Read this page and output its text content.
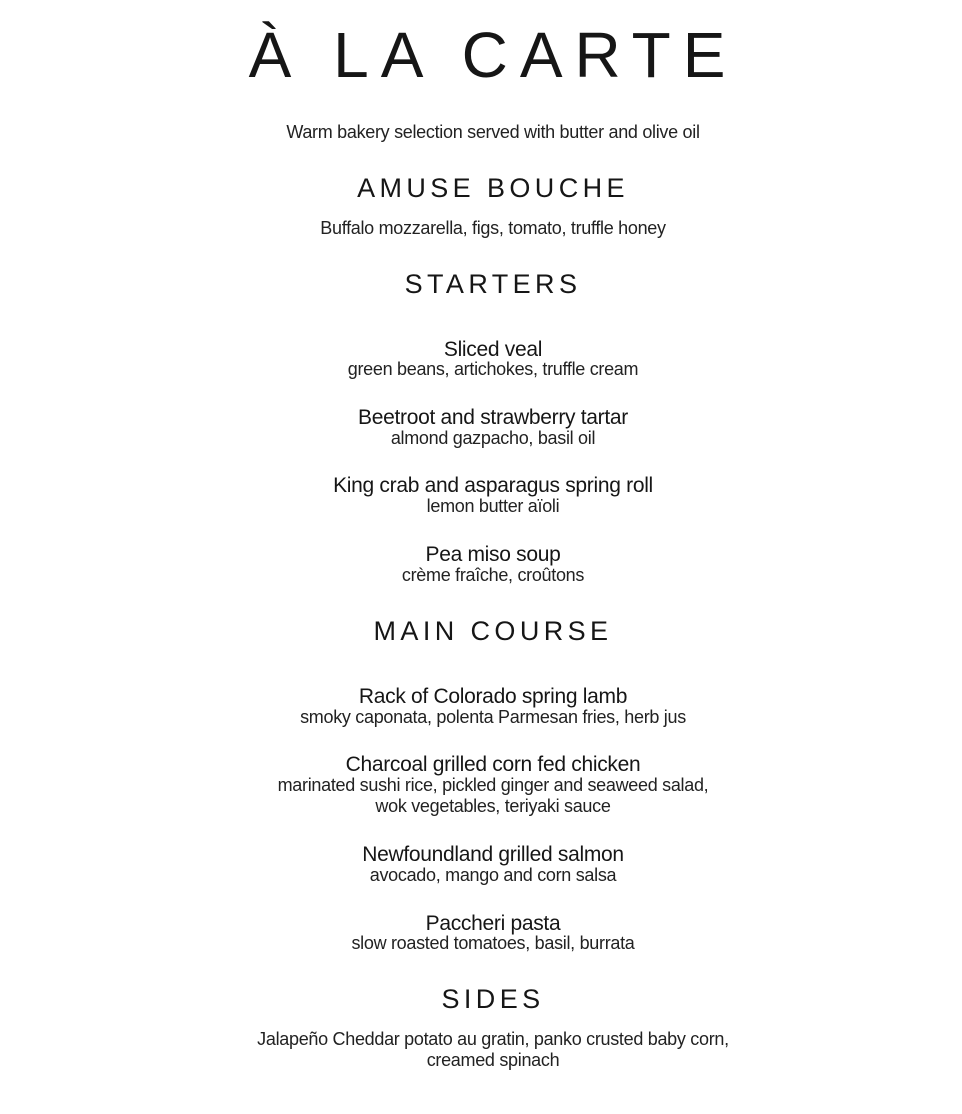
À LA CARTE
Warm bakery selection served with butter and olive oil
AMUSE BOUCHE
Buffalo mozzarella, figs, tomato, truffle honey
STARTERS
Sliced veal
green beans, artichokes, truffle cream
Beetroot and strawberry tartar
almond gazpacho, basil oil
King crab and asparagus spring roll
lemon butter aïoli
Pea miso soup
crème fraîche, croûtons
MAIN COURSE
Rack of Colorado spring lamb
smoky caponata, polenta Parmesan fries, herb jus
Charcoal grilled corn fed chicken
marinated sushi rice, pickled ginger and seaweed salad,
wok vegetables, teriyaki sauce
Newfoundland grilled salmon
avocado, mango and corn salsa
Paccheri pasta
slow roasted tomatoes, basil, burrata
SIDES
Jalapeño Cheddar potato au gratin, panko crusted baby corn,
creamed spinach
